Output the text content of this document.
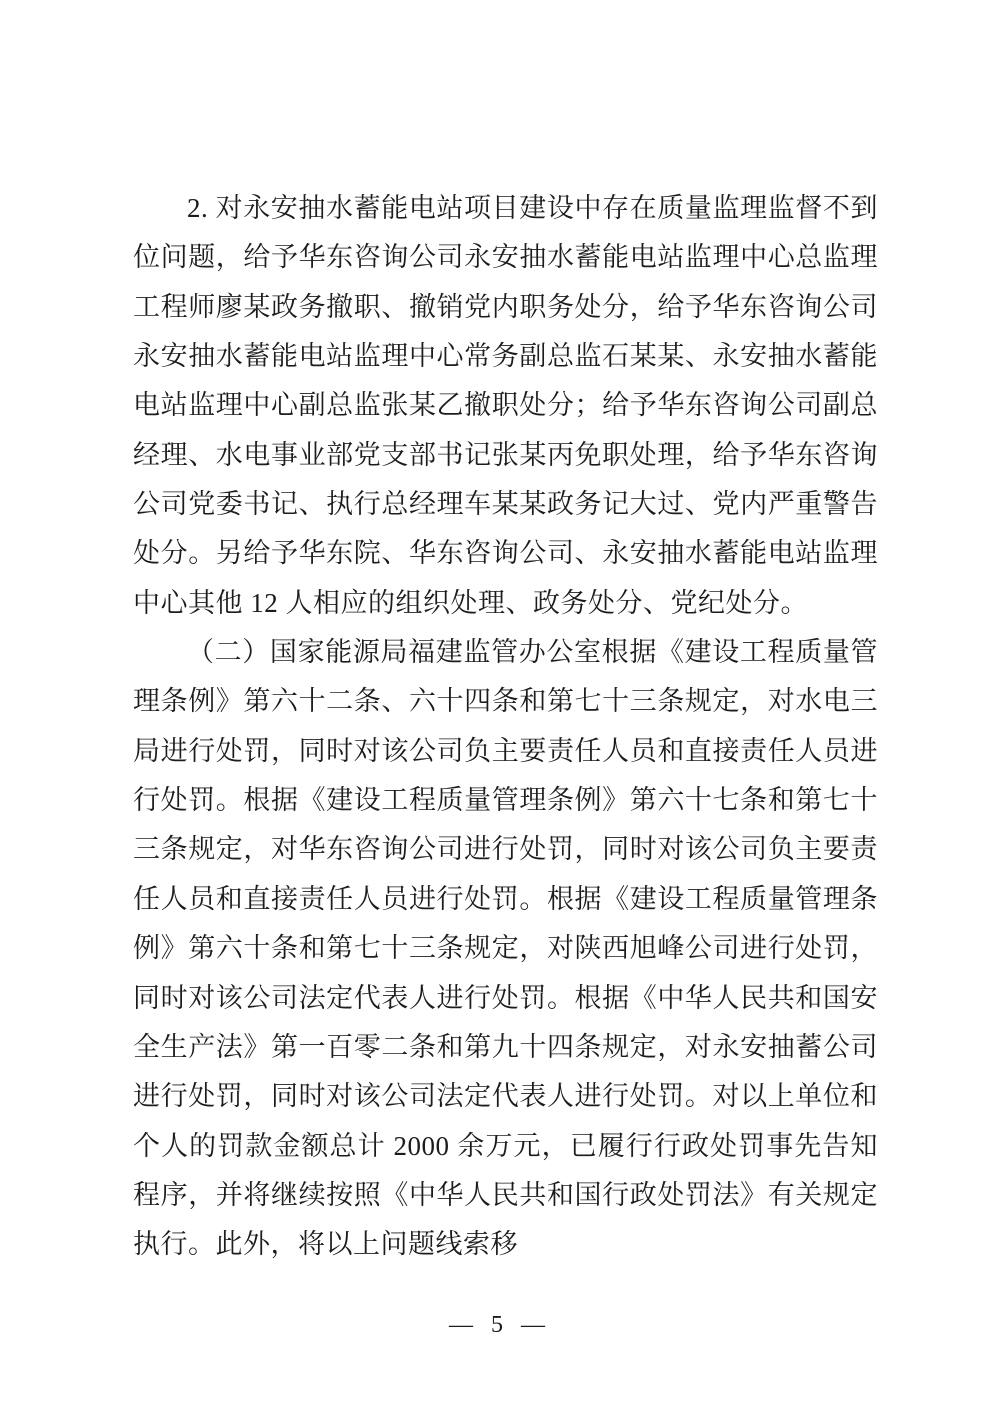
2. 对永安抽水蓄能电站项目建设中存在质量监理监督不到位问题，给予华东咨询公司永安抽水蓄能电站监理中心总监理工程师廖某政务撤职、撤销党内职务处分，给予华东咨询公司永安抽水蓄能电站监理中心常务副总监石某某、永安抽水蓄能电站监理中心副总监张某乙撤职处分；给予华东咨询公司副总经理、水电事业部党支部书记张某丙免职处理，给予华东咨询公司党委书记、执行总经理车某某政务记大过、党内严重警告处分。另给予华东院、华东咨询公司、永安抽水蓄能电站监理中心其他 12 人相应的组织处理、政务处分、党纪处分。

（二）国家能源局福建监管办公室根据《建设工程质量管理条例》第六十二条、六十四条和第七十三条规定，对水电三局进行处罚，同时对该公司负主要责任人员和直接责任人员进行处罚。根据《建设工程质量管理条例》第六十七条和第七十三条规定，对华东咨询公司进行处罚，同时对该公司负主要责任人员和直接责任人员进行处罚。根据《建设工程质量管理条例》第六十条和第七十三条规定，对陕西旭峰公司进行处罚，同时对该公司法定代表人进行处罚。根据《中华人民共和国安全生产法》第一百零二条和第九十四条规定，对永安抽蓄公司进行处罚，同时对该公司法定代表人进行处罚。对以上单位和个人的罚款金额总计 2000 余万元，已履行行政处罚事先告知程序，并将继续按照《中华人民共和国行政处罚法》有关规定执行。此外，将以上问题线索移

— 5 —
